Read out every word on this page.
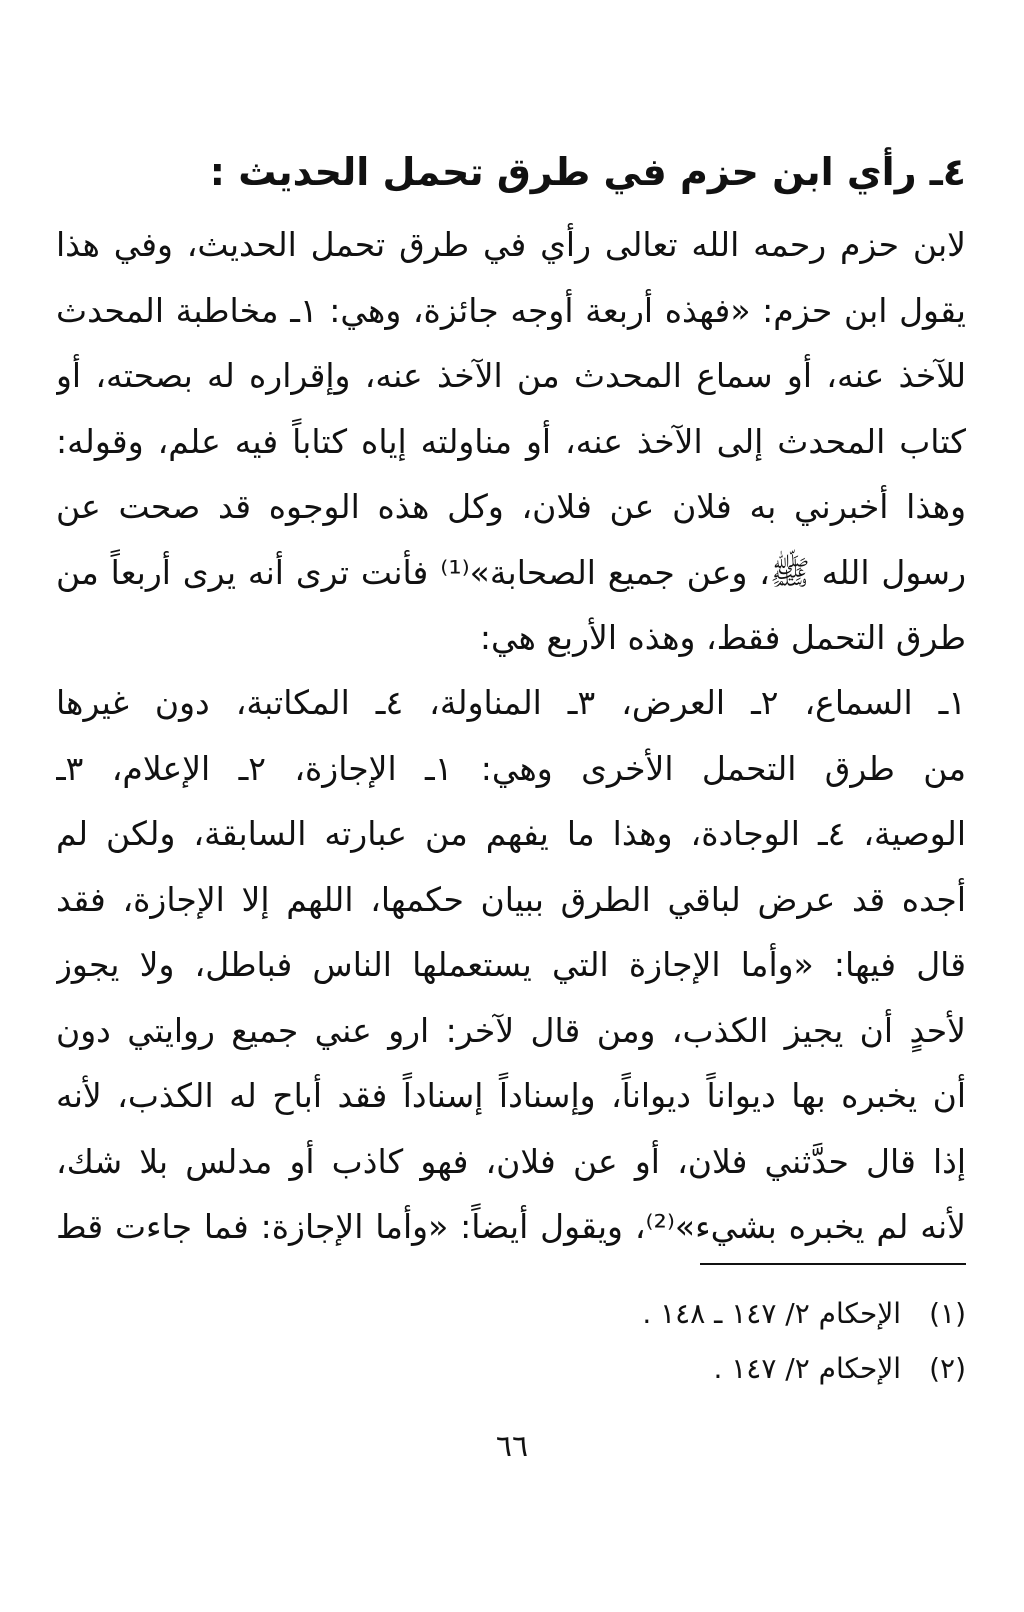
٤ـ رأي ابن حزم في طرق تحمل الحديث :
لابن حزم رحمه الله تعالى رأي في طرق تحمل الحديث، وفي هذا
يقول ابن حزم: «فهذه أربعة أوجه جائزة، وهي: ١ـ مخاطبة المحدث
للآخذ عنه، أو سماع المحدث من الآخذ عنه، وإقراره له بصحته، أو
كتاب المحدث إلى الآخذ عنه، أو مناولته إياه كتاباً فيه علم، وقوله:
وهذا أخبرني به فلان عن فلان، وكل هذه الوجوه قد صحت عن
رسول الله ﷺ، وعن جميع الصحابة»⁽¹⁾ فأنت ترى أنه يرى أربعاً من
طرق التحمل فقط، وهذه الأربع هي:
١ـ السماع، ٢ـ العرض، ٣ـ المناولة، ٤ـ المكاتبة، دون غيرها
من طرق التحمل الأخرى وهي: ١ـ الإجازة، ٢ـ الإعلام، ٣ـ
الوصية، ٤ـ الوجادة، وهذا ما يفهم من عبارته السابقة، ولكن لم
أجده قد عرض لباقي الطرق ببيان حكمها، اللهم إلا الإجازة، فقد
قال فيها: «وأما الإجازة التي يستعملها الناس فباطل، ولا يجوز
لأحدٍ أن يجيز الكذب، ومن قال لآخر: ارو عني جميع روايتي دون
أن يخبره بها ديواناً ديواناً، وإسناداً إسناداً فقد أباح له الكذب، لأنه
إذا قال حدَّثني فلان، أو عن فلان، فهو كاذب أو مدلس بلا شك،
لأنه لم يخبره بشيء»⁽²⁾، ويقول أيضاً: «وأما الإجازة: فما جاءت قط
(١)الإحكام ٢/ ١٤٧ ـ ١٤٨ .
(٢)الإحكام ٢/ ١٤٧ .
٦٦
